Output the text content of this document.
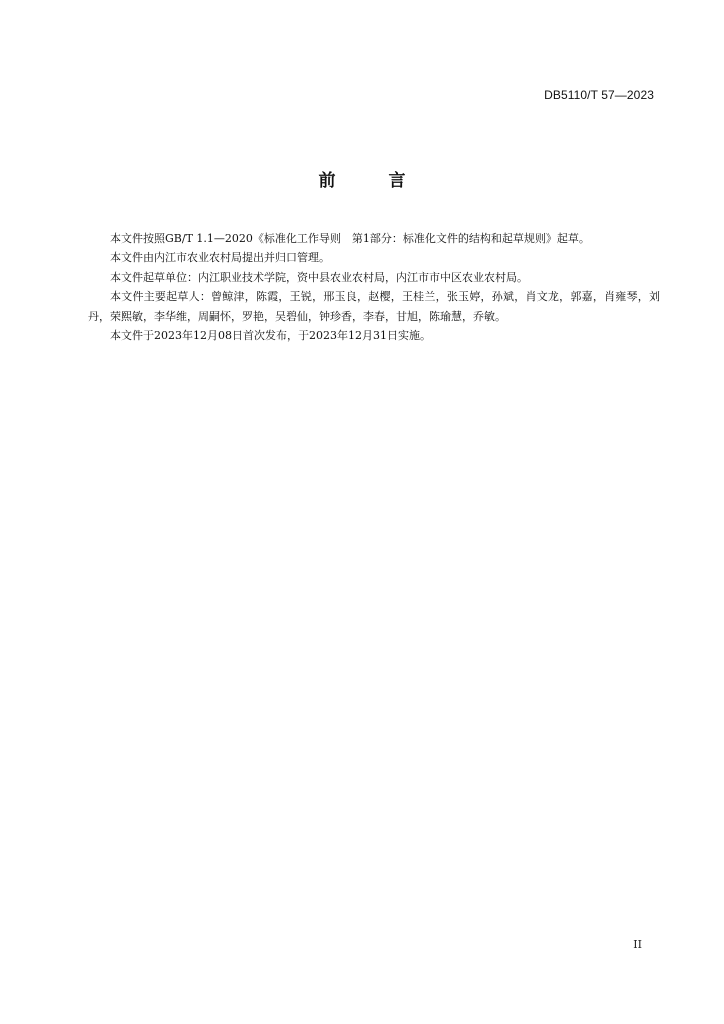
DB5110/T 57—2023
前　言

本文件按照GB/T 1.1—2020《标准化工作导则　第1部分：标准化文件的结构和起草规则》起草。

本文件由内江市农业农村局提出并归口管理。

本文件起草单位：内江职业技术学院，资中县农业农村局，内江市市中区农业农村局。

本文件主要起草人：曾鲸津，陈霞，王锐，邢玉良，赵樱，王桂兰，张玉婷，孙斌，肖文龙，郭嘉，肖雍琴，刘丹，荣熙敏，李华维，周嗣怀，罗艳，吴碧仙，钟珍香，李春，甘旭，陈瑜慧，乔敏。

本文件于2023年12月08日首次发布，于2023年12月31日实施。

II
